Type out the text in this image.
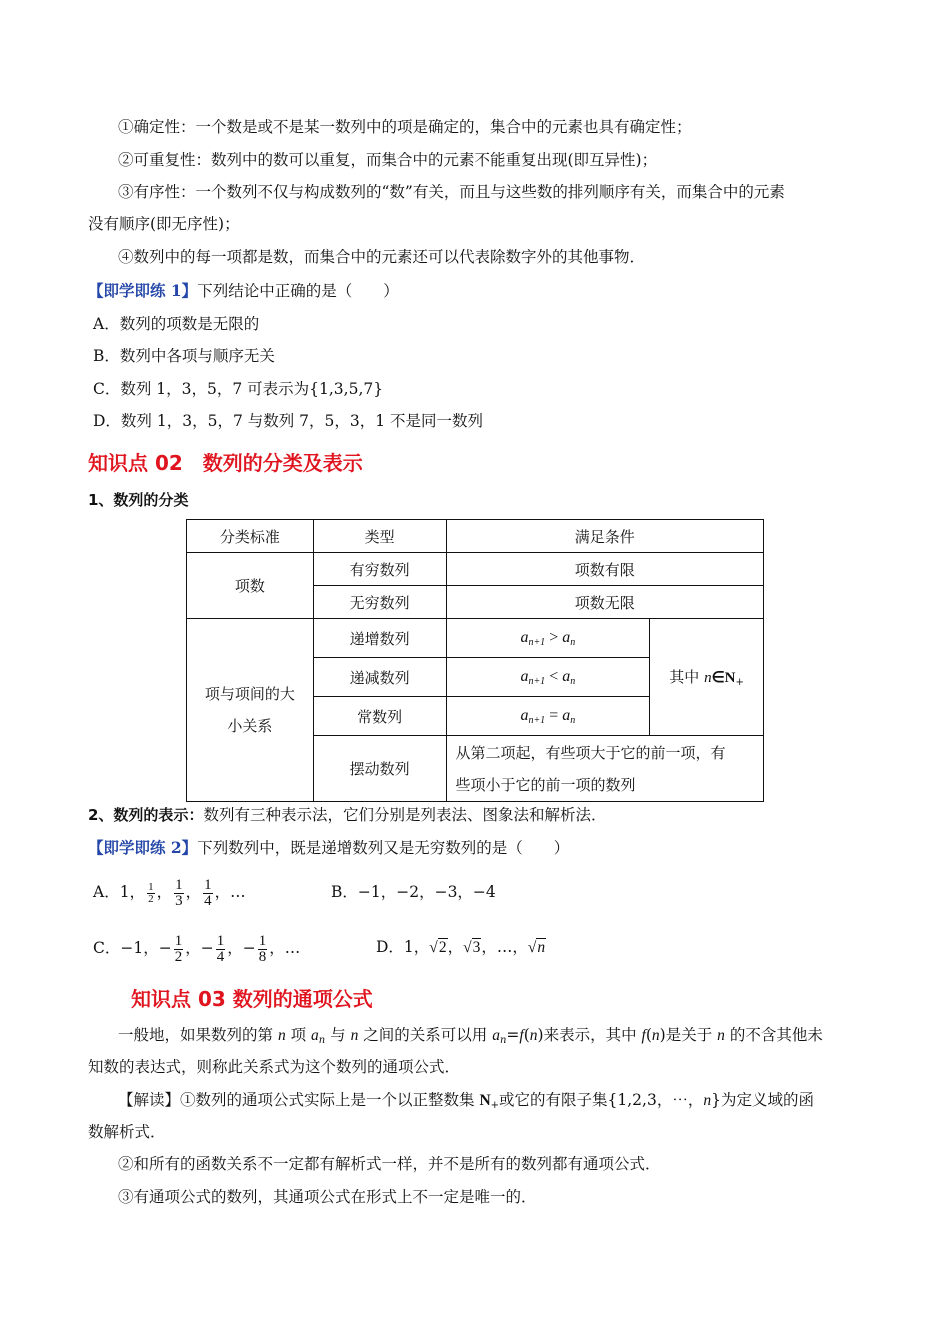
①确定性：一个数是或不是某一数列中的项是确定的，集合中的元素也具有确定性；
②可重复性：数列中的数可以重复，而集合中的元素不能重复出现(即互异性)；
③有序性：一个数列不仅与构成数列的“数”有关，而且与这些数的排列顺序有关，而集合中的元素
没有顺序(即无序性)；
④数列中的每一项都是数，而集合中的元素还可以代表除数字外的其他事物．
【即学即练 1】下列结论中正确的是（　　）
A．数列的项数是无限的
B．数列中各项与顺序无关
C．数列 1，3，5，7 可表示为{1,3,5,7}
D．数列 1，3，5，7 与数列 7，5，3，1 不是同一数列
知识点 02　数列的分类及表示
1、数列的分类
分类标准	类型	满足条件	
项数	有穷数列	项数有限	
	无穷数列	项数无限	
项与项间的大
小关系	递增数列	$a_{n+1} > a_n$	其中 $n\in N_+$
	递减数列	$a_{n+1} < a_n$
	常数列	$a_{n+1} = a_n$
	摆动数列	从第二项起，有些项大于它的前一项，有
些项小于它的前一项的数列	
2、数列的表示：数列有三种表示法，它们分别是列表法、图象法和解析法．
【即学即练 2】下列数列中，既是递增数列又是无穷数列的是（　　）
A．1， $\frac{1}{2}$ ， $\frac{1}{3}$ ， $\frac{1}{4}$ ，…	B．−1，−2，−3，−4
C．−1，− $\frac{1}{2}$ ，− $\frac{1}{4}$ ，− $\frac{1}{8}$ ，…	D．1，√2，√3，…，√n
知识点 03 数列的通项公式
一般地，如果数列的第 n 项 $a_n$ 与 n 之间的关系可以用 $a_n=f(n)$来表示，其中 f(n)是关于 n 的不含其他未
知数的表达式，则称此关系式为这个数列的通项公式．
【解读】①数列的通项公式实际上是一个以正整数集 $N_+$或它的有限子集{1,2,3，⋯，n}为定义域的函
数解析式．
②和所有的函数关系不一定都有解析式一样，并不是所有的数列都有通项公式．
③有通项公式的数列，其通项公式在形式上不一定是唯一的．
